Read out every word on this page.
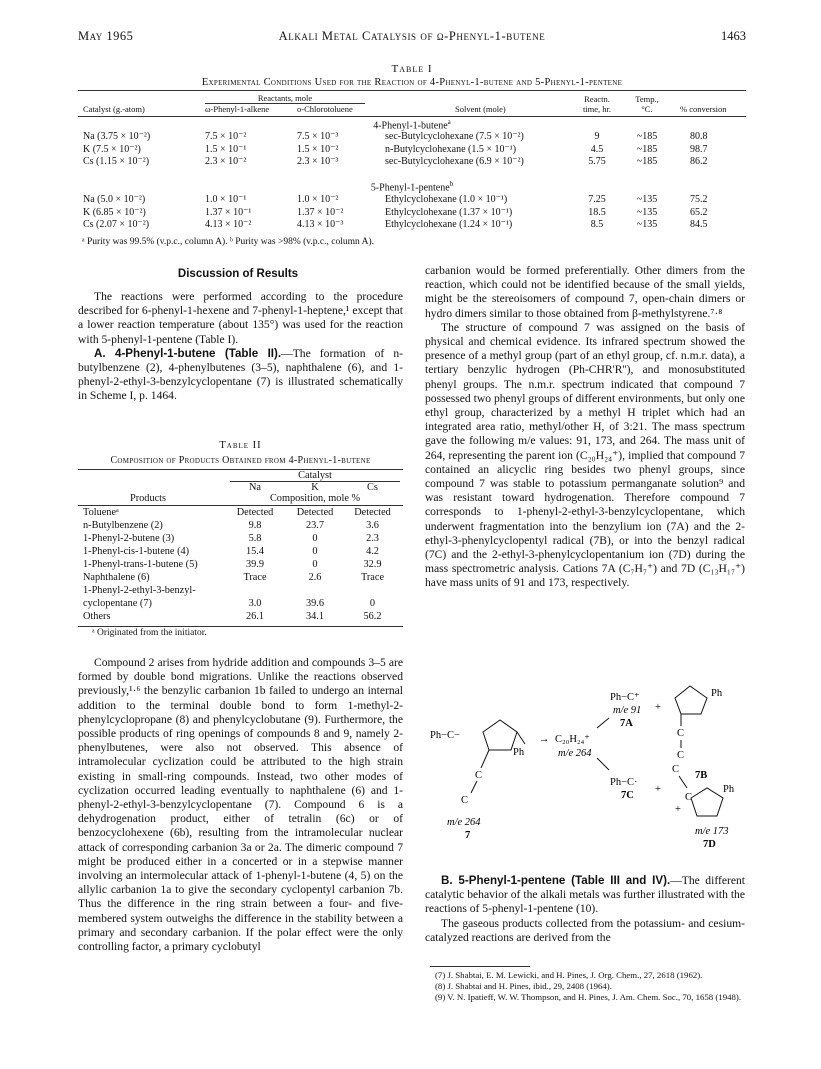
May 1965	Alkali Metal Catalysis of ω-Phenyl-1-butene	1463
Table I
Experimental Conditions Used for the Reaction of 4-Phenyl-1-butene and 5-Phenyl-1-pentene
Reactants, mole
Catalyst (g.-atom)	ω-Phenyl-1-alkene	o-Chlorotoluene	Solvent (mole)
Reactn.
time, hr.
Temp.,
°C.	% conversion
4-Phenyl-1-butene$^a$
Na (3.75 × 10⁻²)	7.5 × 10⁻²	7.5 × 10⁻³	sec-Butylcyclohexane (7.5 × 10⁻²)	9	~185	80.8
K (7.5 × 10⁻²)	1.5 × 10⁻¹	1.5 × 10⁻²	n-Butylcyclohexane (1.5 × 10⁻¹)	4.5	~185	98.7
Cs (1.15 × 10⁻²)	2.3 × 10⁻²	2.3 × 10⁻³	sec-Butylcyclohexane (6.9 × 10⁻²)	5.75	~185	86.2
5-Phenyl-1-pentene$^b$
Na (5.0 × 10⁻²)	1.0 × 10⁻¹	1.0 × 10⁻²	Ethylcyclohexane (1.0 × 10⁻¹)	7.25	~135	75.2
K (6.85 × 10⁻²)	1.37 × 10⁻¹	1.37 × 10⁻²	Ethylcyclohexane (1.37 × 10⁻¹)	18.5	~135	65.2
Cs (2.07 × 10⁻²)	4.13 × 10⁻²	4.13 × 10⁻³	Ethylcyclohexane (1.24 × 10⁻¹)	8.5	~135	84.5
ᵃ Purity was 99.5% (v.p.c., column A). ᵇ Purity was >98% (v.p.c., column A).
Discussion of Results

The reactions were performed according to the procedure described for 6-phenyl-1-hexene and 7-phenyl-1-heptene,¹ except that a lower reaction temperature (about 135°) was used for the reaction with 5-phenyl-1-pentene (Table I).

A. 4-Phenyl-1-butene (Table II).—The formation of n-butylbenzene (2), 4-phenylbutenes (3–5), naphthalene (6), and 1-phenyl-2-ethyl-3-benzylcyclopentane (7) is illustrated schematically in Scheme I, p. 1464.

Table II
Composition of Products Obtained from 4-Phenyl-1-butene
Catalyst
Na	K	Cs
Products	Composition, mole %
Tolueneᵃ	Detected	Detected	Detected
n-Butylbenzene (2)	9.8	23.7	3.6
1-Phenyl-2-butene (3)	5.8	0	2.3
1-Phenyl-cis-1-butene (4)	15.4	0	4.2
1-Phenyl-trans-1-butene (5)	39.9	0	32.9
Naphthalene (6)	Trace	2.6	Trace
1-Phenyl-2-ethyl-3-benzyl-
cyclopentane (7)	3.0	39.6	0
Others	26.1	34.1	56.2
ᵃ Originated from the initiator.

Compound 2 arises from hydride addition and compounds 3–5 are formed by double bond migrations. Unlike the reactions observed previously,¹·⁶ the benzylic carbanion 1b failed to undergo an internal addition to the terminal double bond to form 1-methyl-2-phenylcyclopropane (8) and phenylcyclobutane (9). Furthermore, the possible products of ring openings of compounds 8 and 9, namely 2-phenylbutenes, were also not observed. This absence of intramolecular cyclization could be attributed to the high strain existing in small-ring compounds. Instead, two other modes of cyclization occurred leading eventually to naphthalene (6) and 1-phenyl-2-ethyl-3-benzylcyclopentane (7). Compound 6 is a dehydrogenation product, either of tetralin (6c) or of benzocyclohexene (6b), resulting from the intramolecular nuclear attack of corresponding carbanion 3a or 2a. The dimeric compound 7 might be produced either in a concerted or in a stepwise manner involving an intermolecular attack of 1-phenyl-1-butene (4, 5) on the allylic carbanion 1a to give the secondary cyclopentyl carbanion 7b. Thus the difference in the ring strain between a four- and five-membered system outweighs the difference in the stability between a primary and secondary carbanion. If the polar effect were the only controlling factor, a primary cyclobutyl

carbanion would be formed preferentially. Other dimers from the reaction, which could not be identified because of the small yields, might be the stereoisomers of compound 7, open-chain dimers or hydro dimers similar to those obtained from β-methylstyrene.⁷·⁸

The structure of compound 7 was assigned on the basis of physical and chemical evidence. Its infrared spectrum showed the presence of a methyl group (part of an ethyl group, cf. n.m.r. data), a tertiary benzylic hydrogen (Ph-CHR'R''), and monosubstituted phenyl groups. The n.m.r. spectrum indicated that compound 7 possessed two phenyl groups of different environments, but only one ethyl group, characterized by a methyl H triplet which had an integrated area ratio, methyl/other H, of 3:21. The mass spectrum gave the following m/e values: 91, 173, and 264. The mass unit of 264, representing the parent ion (C₂₀H₂₄⁺), implied that compound 7 contained an alicyclic ring besides two phenyl groups, since compound 7 was stable to potassium permanganate solution⁹ and was resistant toward hydrogenation. Therefore compound 7 corresponds to 1-phenyl-2-ethyl-3-benzylcyclopentane, which underwent fragmentation into the benzylium ion (7A) and the 2-ethyl-3-phenylcyclopentyl radical (7B), or into the benzyl radical (7C) and the 2-ethyl-3-phenylcyclopentanium ion (7D) during the mass spectrometric analysis. Cations 7A (C₇H₇⁺) and 7D (C₁₃H₁₇⁺) have mass units of 91 and 173, respectively.

Ph−C−
Ph
C
C
m/e 264
7
→ C₂₀H₂₄⁺
m/e 264
Ph−C⁺
m/e 91
7A
+
Ph
C
C
7B
Ph−C·
7C
+
C
C
Ph
+
m/e 173
7D

B. 5-Phenyl-1-pentene (Table III and IV).—The different catalytic behavior of the alkali metals was further illustrated with the reactions of 5-phenyl-1-pentene (10).

The gaseous products collected from the potassium- and cesium-catalyzed reactions are derived from the

(7) J. Shabtai, E. M. Lewicki, and H. Pines, J. Org. Chem., 27, 2618 (1962).
(8) J. Shabtai and H. Pines, ibid., 29, 2408 (1964).
(9) V. N. Ipatieff, W. W. Thompson, and H. Pines, J. Am. Chem. Soc., 70, 1658 (1948).
